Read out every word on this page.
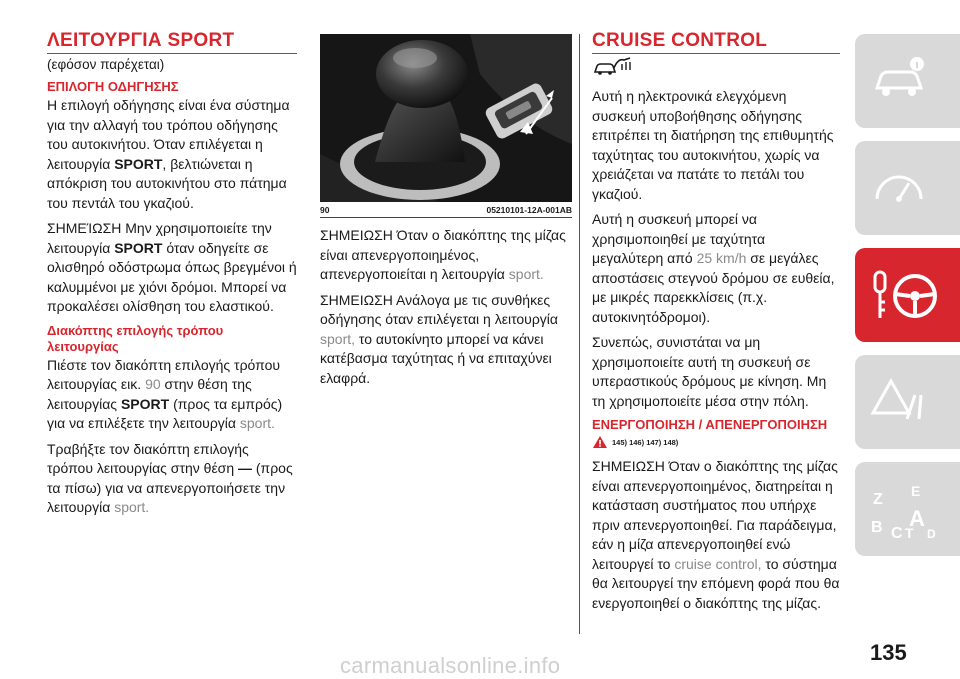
ΛΕΙΤΟΥΡΓΙΑ SPORT
(εφόσον παρέχεται)
ΕΠΙΛΟΓΗ ΟΔΗΓΗΣΗΣ

Η επιλογή οδήγησης είναι ένα σύστημα για την αλλαγή του τρόπου οδήγησης του αυτοκινήτου. Όταν επιλέγεται η λειτουργία SPORT, βελτιώνεται η απόκριση του αυτοκινήτου στο πάτημα του πεντάλ του γκαζιού.

ΣΗΜΕΊΩΣΗ Μην χρησιμοποιείτε την λειτουργία SPORT όταν οδηγείτε σε ολισθηρό οδόστρωμα όπως βρεγμένοι ή καλυμμένοι με χιόνι δρόμοι. Μπορεί να προκαλέσει ολίσθηση του ελαστικού.

Διακόπτης επιλογής τρόπου λειτουργίας

Πιέστε τον διακόπτη επιλογής τρόπου λειτουργίας εικ. 90 στην θέση της λειτουργίας SPORT (προς τα εμπρός) για να επιλέξετε την λειτουργία sport.

Τραβήξτε τον διακόπτη επιλογής τρόπου λειτουργίας στην θέση — (προς τα πίσω) για να απενεργοποιήσετε την λειτουργία sport.

90	05210101-12A-001AB

ΣΗΜΕΙΩΣΗ Όταν ο διακόπτης της μίζας είναι απενεργοποιημένος, απενεργοποιείται η λειτουργία sport.

ΣΗΜΕΙΩΣΗ Ανάλογα με τις συνθήκες οδήγησης όταν επιλέγεται η λειτουργία sport, το αυτοκίνητο μπορεί να κάνει κατέβασμα ταχύτητας ή να επιταχύνει ελαφρά.

CRUISE CONTROL

Αυτή η ηλεκτρονικά ελεγχόμενη συσκευή υποβοήθησης οδήγησης επιτρέπει τη διατήρηση της επιθυμητής ταχύτητας του αυτοκινήτου, χωρίς να χρειάζεται να πατάτε το πετάλι του γκαζιού.

Αυτή η συσκευή μπορεί να χρησιμοποιηθεί με ταχύτητα μεγαλύτερη από 25 km/h σε μεγάλες αποστάσεις στεγνού δρόμου σε ευθεία, με μικρές παρεκκλίσεις (π.χ. αυτοκινητόδρομοι).

Συνεπώς, συνιστάται να μη χρησιμοποιείτε αυτή τη συσκευή σε υπεραστικούς δρόμους με κίνηση. Μη τη χρησιμοποιείτε μέσα στην πόλη.

ΕΝΕΡΓΟΠΟΙΗΣΗ / ΑΠΕΝΕΡΓΟΠΟΙΗΣΗ
145) 146) 147) 148)

ΣΗΜΕΙΩΣΗ Όταν ο διακόπτης της μίζας είναι απενεργοποιημένος, διατηρείται η κατάσταση συστήματος που υπήρχε πριν απενεργοποιηθεί. Για παράδειγμα, εάν η μίζα απενεργοποιηθεί ενώ λειτουργεί το cruise control, το σύστημα θα λειτουργεί την επόμενη φορά που θα ενεργοποιηθεί ο διακόπτης της μίζας.

Z E
B C
A
D
T
135
carmanualsonline.info
